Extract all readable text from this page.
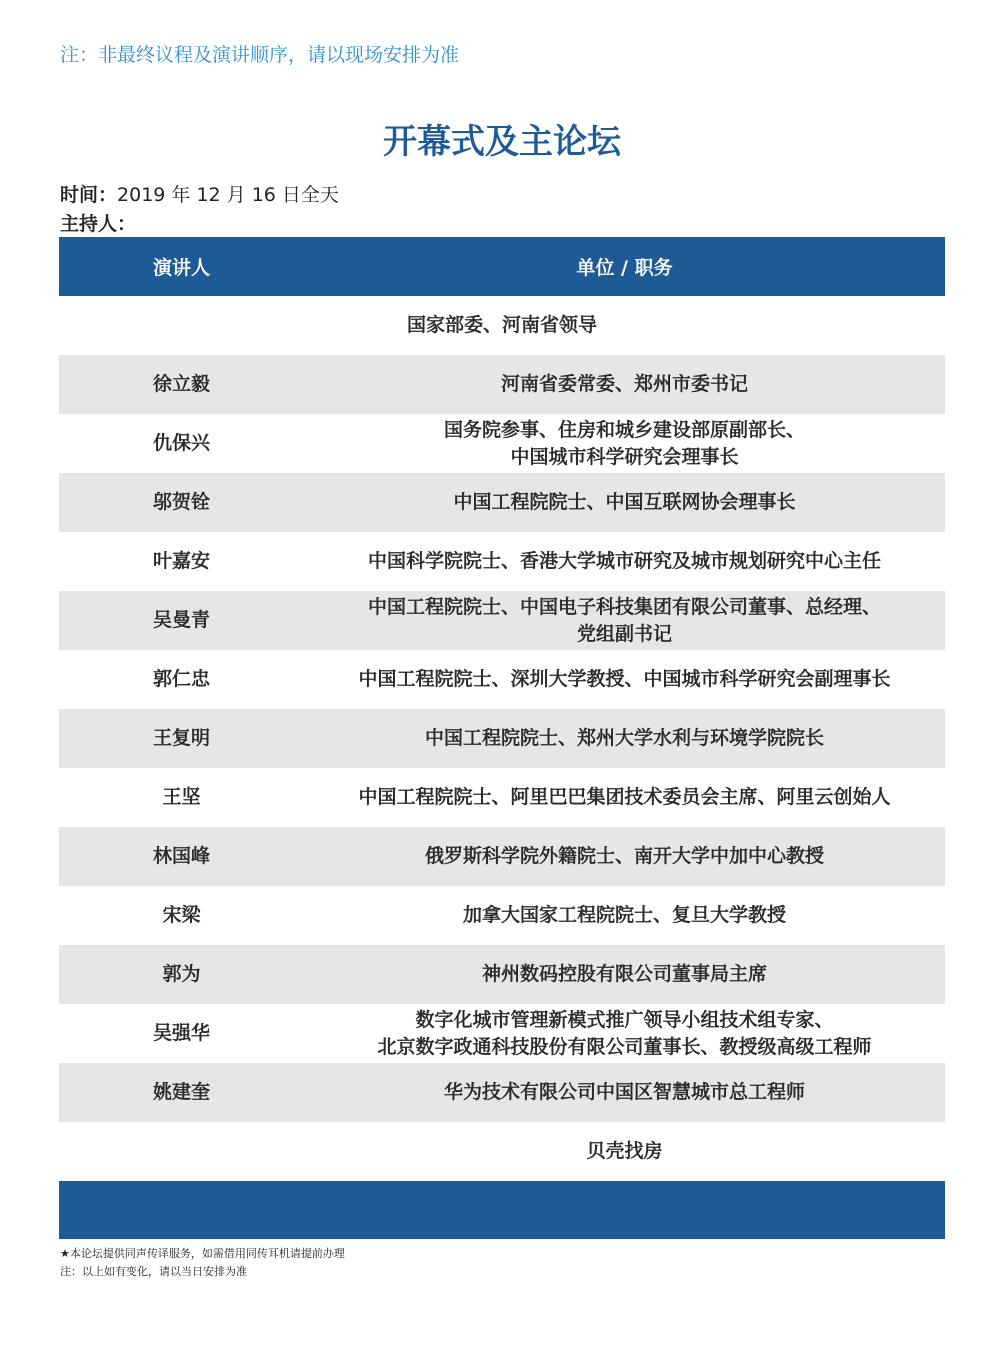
注：非最终议程及演讲顺序，请以现场安排为准
开幕式及主论坛
时间：2019 年 12 月 16 日全天
主持人：
演讲人	单位 / 职务
国家部委、河南省领导	
徐立毅	河南省委常委、郑州市委书记
仇保兴	国务院参事、住房和城乡建设部原副部长、
中国城市科学研究会理事长
邬贺铨	中国工程院院士、中国互联网协会理事长
叶嘉安	中国科学院院士、香港大学城市研究及城市规划研究中心主任
吴曼青	中国工程院院士、中国电子科技集团有限公司董事、总经理、
党组副书记
郭仁忠	中国工程院院士、深圳大学教授、中国城市科学研究会副理事长
王复明	中国工程院院士、郑州大学水利与环境学院院长
王坚	中国工程院院士、阿里巴巴集团技术委员会主席、阿里云创始人
林国峰	俄罗斯科学院外籍院士、南开大学中加中心教授
宋梁	加拿大国家工程院院士、复旦大学教授
郭为	神州数码控股有限公司董事局主席
吴强华	数字化城市管理新模式推广领导小组技术组专家、
北京数字政通科技股份有限公司董事长、教授级高级工程师
姚建奎	华为技术有限公司中国区智慧城市总工程师
	贝壳找房
★本论坛提供同声传译服务，如需借用同传耳机请提前办理
注：以上如有变化，请以当日安排为准
